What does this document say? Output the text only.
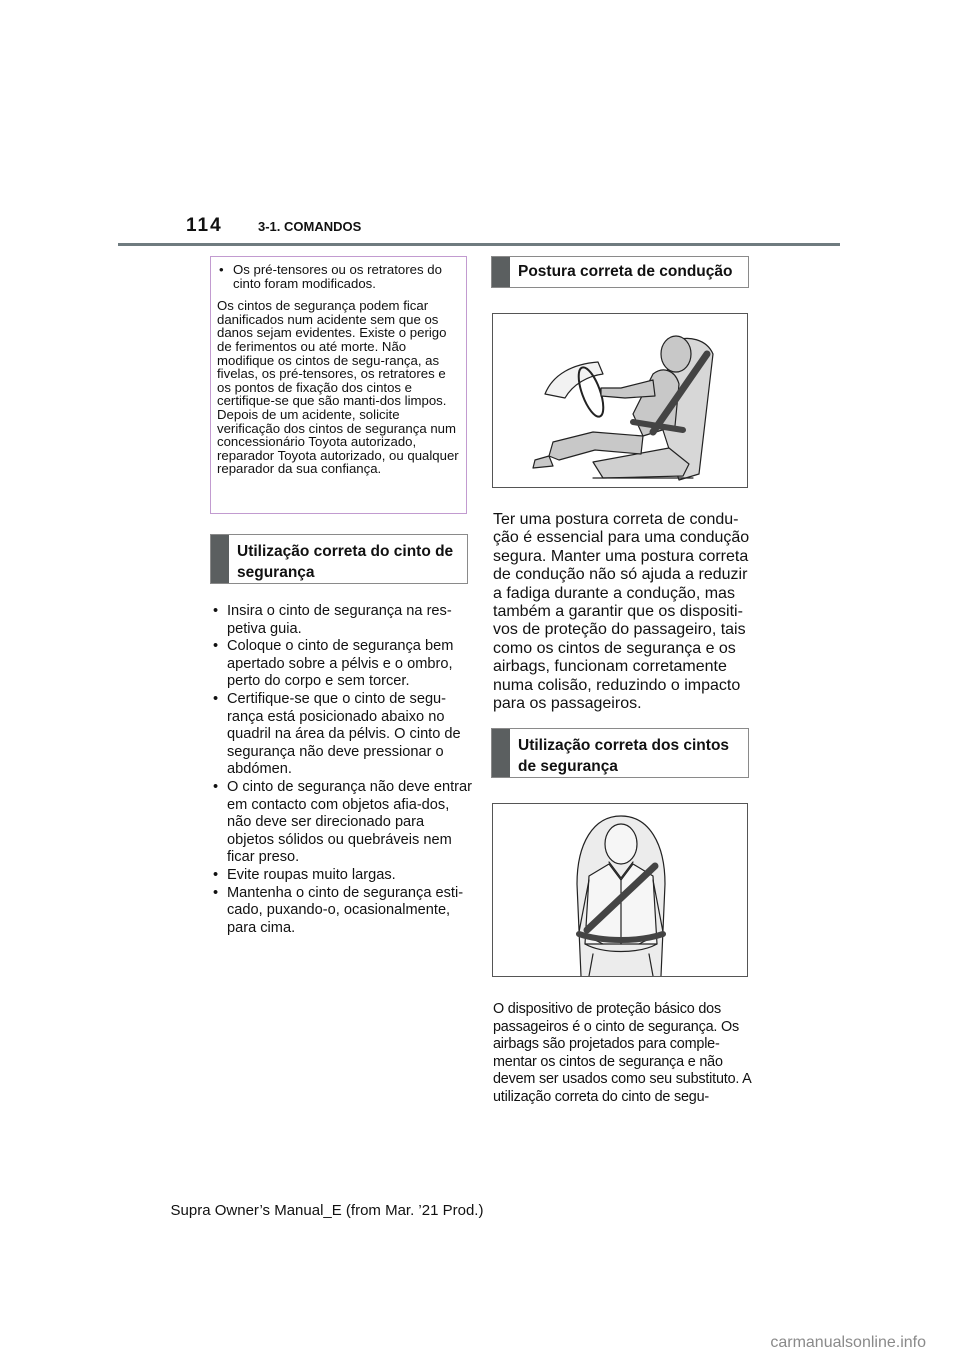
114	3-1. COMANDOS
• Os pré-tensores ou os retratores do cinto foram modificados.

Os cintos de segurança podem ficar danificados num acidente sem que os danos sejam evidentes. Existe o perigo de ferimentos ou até morte. Não modifique os cintos de segu-rança, as fivelas, os pré-tensores, os retratores e os pontos de fixação dos cintos e certifique-se que são manti-dos limpos. Depois de um acidente, solicite verificação dos cintos de segurança num concessionário Toyota autorizado, reparador Toyota autorizado, ou qualquer reparador da sua confiança.

Utilização correta do cinto de segurança
• Insira o cinto de segurança na res-petiva guia.
• Coloque o cinto de segurança bem apertado sobre a pélvis e o ombro, perto do corpo e sem torcer.
• Certifique-se que o cinto de segu-rança está posicionado abaixo no quadril na área da pélvis. O cinto de segurança não deve pressionar o abdómen.
• O cinto de segurança não deve entrar em contacto com objetos afia-dos, não deve ser direcionado para objetos sólidos ou quebráveis nem ficar preso.
• Evite roupas muito largas.
• Mantenha o cinto de segurança esti-cado, puxando-o, ocasionalmente, para cima.
Postura correta de condução

Ter uma postura correta de condu-ção é essencial para uma condução segura. Manter uma postura correta de condução não só ajuda a reduzir a fadiga durante a condução, mas também a garantir que os dispositi-vos de proteção do passageiro, tais como os cintos de segurança e os airbags, funcionam corretamente numa colisão, reduzindo o impacto para os passageiros.

Utilização correta dos cintos de segurança

O dispositivo de proteção básico dos passageiros é o cinto de segurança. Os airbags são projetados para comple-mentar os cintos de segurança e não devem ser usados como seu substituto. A utilização correta do cinto de segu-

Supra Owner’s Manual_E (from Mar. ’21 Prod.)
carmanualsonline.info
